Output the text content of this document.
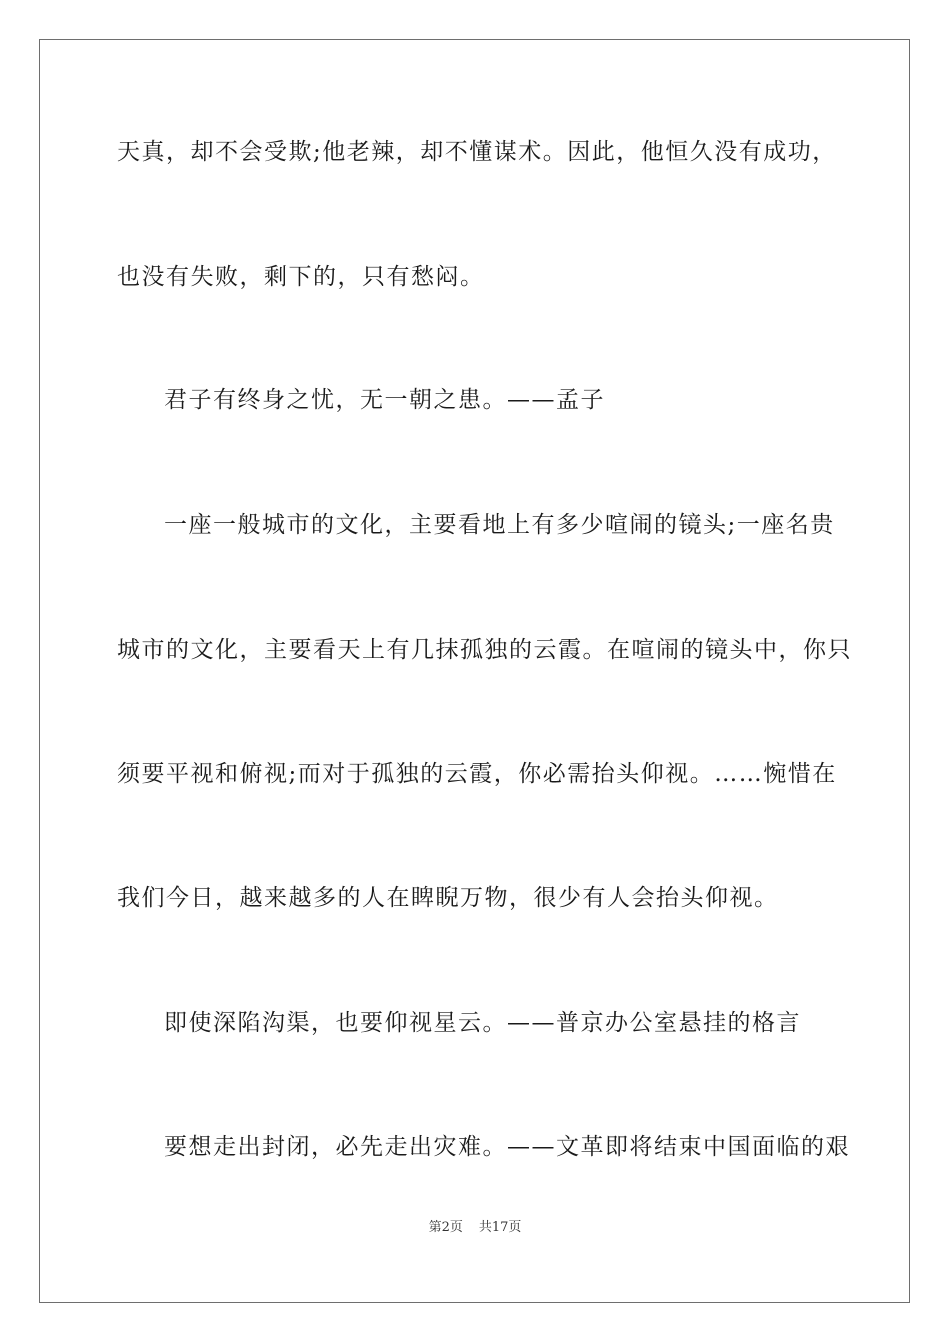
天真，却不会受欺;他老辣，却不懂谋术。因此，他恒久没有成功，
也没有失败，剩下的，只有愁闷。
君子有终身之忧，无一朝之患。——孟子
一座一般城市的文化，主要看地上有多少喧闹的镜头;一座名贵
城市的文化，主要看天上有几抹孤独的云霞。在喧闹的镜头中，你只
须要平视和俯视;而对于孤独的云霞，你必需抬头仰视。……惋惜在
我们今日，越来越多的人在睥睨万物，很少有人会抬头仰视。
即使深陷沟渠，也要仰视星云。——普京办公室悬挂的格言
要想走出封闭，必先走出灾难。——文革即将结束中国面临的艰
第2页 共17页
